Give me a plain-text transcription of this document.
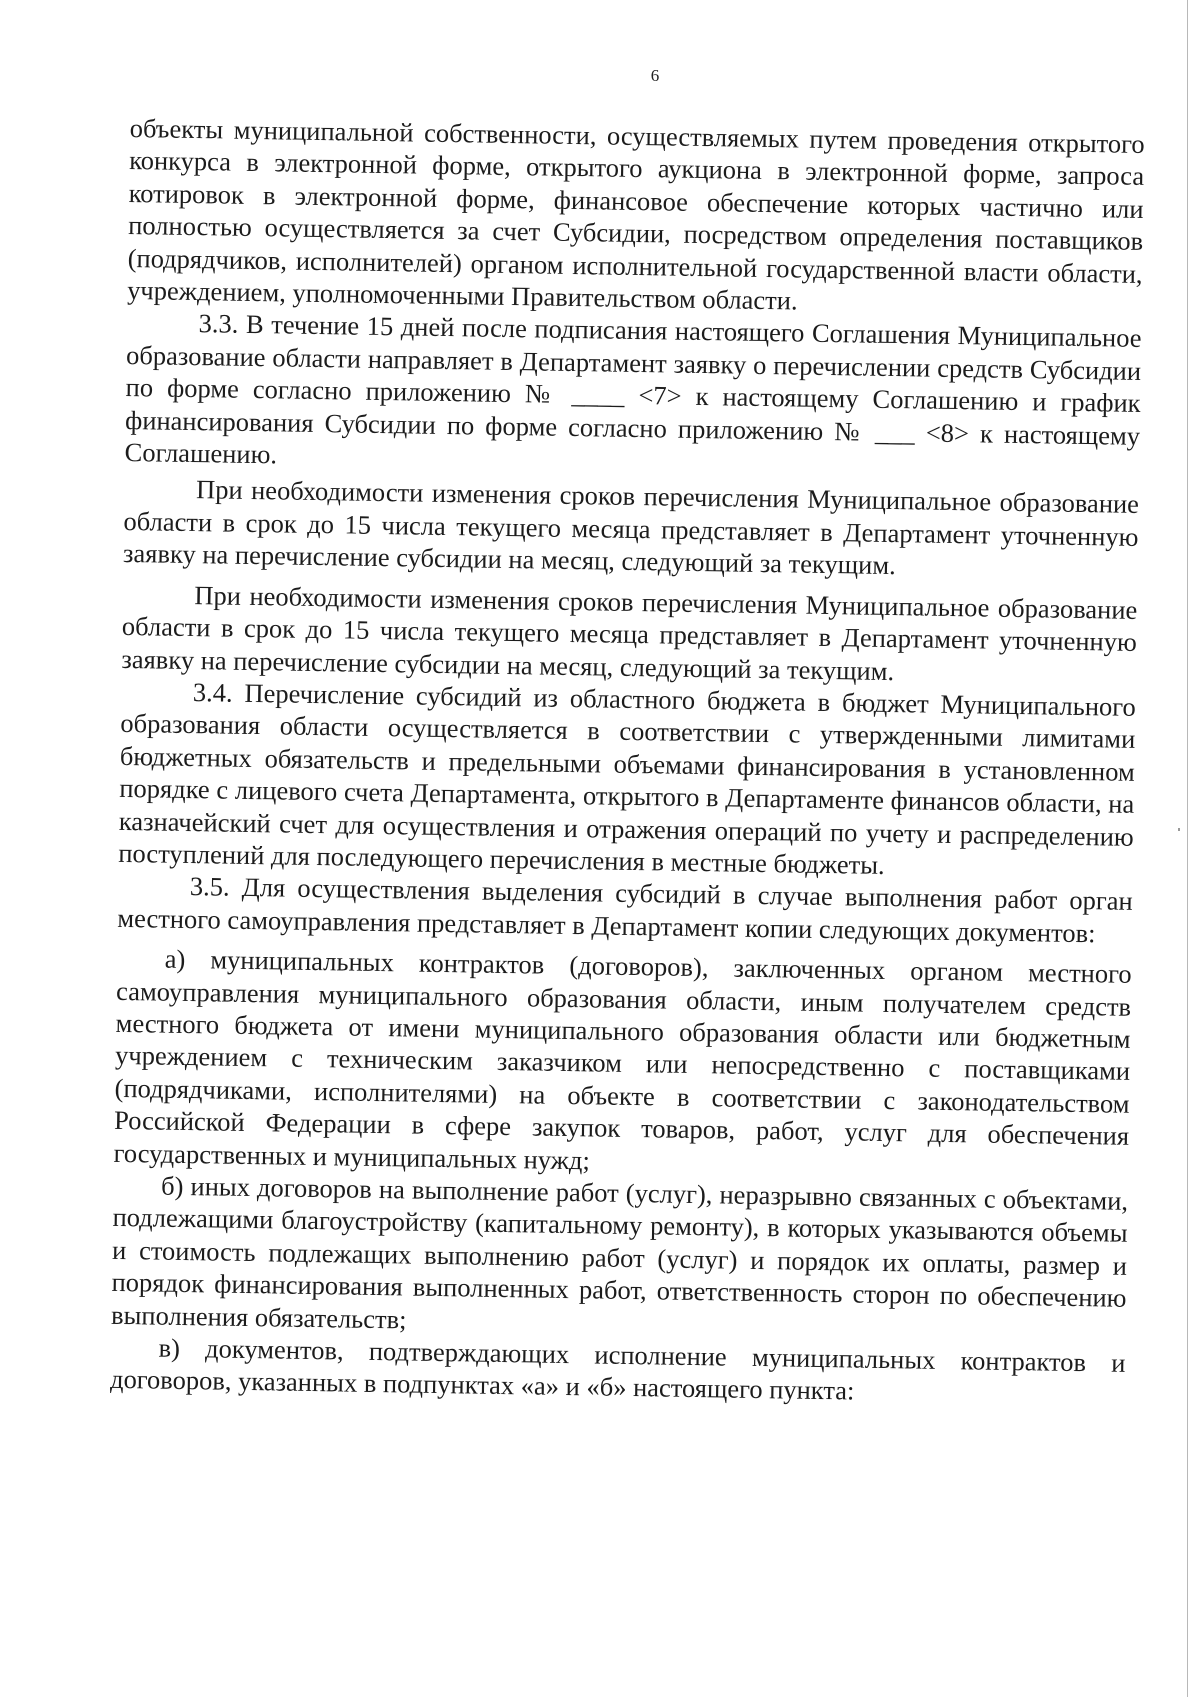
6

объекты муниципальной собственности, осуществляемых путем проведения открытого конкурса в электронной форме, открытого аукциона в электронной форме, запроса котировок в электронной форме, финансовое обеспечение которых частично или полностью осуществляется за счет Субсидии, посредством определения поставщиков (подрядчиков, исполнителей) органом исполнительной государственной власти области, учреждением, уполномоченными Правительством области.

3.3. В течение 15 дней после подписания настоящего Соглашения Муниципальное образование области направляет в Департамент заявку о перечислении средств Субсидии по форме согласно приложению № ____ <7> к настоящему Соглашению и график финансирования Субсидии по форме согласно приложению № ___ <8> к настоящему Соглашению.

При необходимости изменения сроков перечисления Муниципальное образование области в срок до 15 числа текущего месяца представляет в Департамент уточненную заявку на перечисление субсидии на месяц, следующий за текущим.

При необходимости изменения сроков перечисления Муниципальное образование области в срок до 15 числа текущего месяца представляет в Департамент уточненную заявку на перечисление субсидии на месяц, следующий за текущим.

3.4. Перечисление субсидий из областного бюджета в бюджет Муниципального образования области осуществляется в соответствии с утвержденными лимитами бюджетных обязательств и предельными объемами финансирования в установленном порядке с лицевого счета Департамента, открытого в Департаменте финансов области, на казначейский счет для осуществления и отражения операций по учету и распределению поступлений для последующего перечисления в местные бюджеты.

3.5. Для осуществления выделения субсидий в случае выполнения работ орган местного самоуправления представляет в Департамент копии следующих документов:

а) муниципальных контрактов (договоров), заключенных органом местного самоуправления муниципального образования области, иным получателем средств местного бюджета от имени муниципального образования области или бюджетным учреждением с техническим заказчиком или непосредственно с поставщиками (подрядчиками, исполнителями) на объекте в соответствии с законодательством Российской Федерации в сфере закупок товаров, работ, услуг для обеспечения государственных и муниципальных нужд;

б) иных договоров на выполнение работ (услуг), неразрывно связанных с объектами, подлежащими благоустройству (капитальному ремонту), в которых указываются объемы и стоимость подлежащих выполнению работ (услуг) и порядок их оплаты, размер и порядок финансирования выполненных работ, ответственность сторон по обеспечению выполнения обязательств;

в) документов, подтверждающих исполнение муниципальных контрактов и договоров, указанных в подпунктах «а» и «б» настоящего пункта:
